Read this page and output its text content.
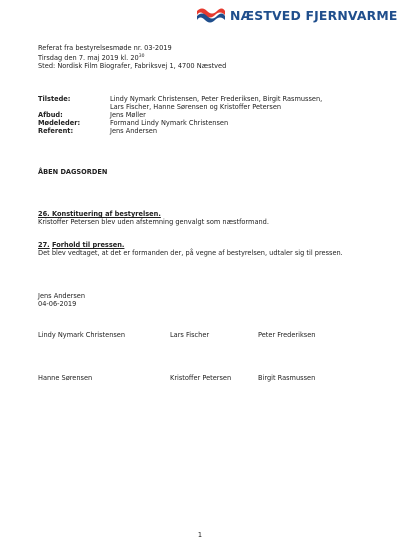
NÆSTVED FJERNVARME
Referat fra bestyrelsesmøde nr. 03-2019
Tirsdag den 7. maj 2019 kl. $20^{30}$
Sted: Nordisk Film Biografer, Fabriksvej 1, 4700 Næstved
Tilstede:	Lindy Nymark Christensen, Peter Frederiksen, Birgit Rasmussen,
Lars Fischer, Hanne Sørensen og Kristoffer Petersen
Afbud:	Jens Møller
Mødeleder:	Formand Lindy Nymark Christensen
Referent:	Jens Andersen
ÅBEN DAGSORDEN
26. Konstituering af bestyrelsen.
Kristoffer Petersen blev uden afstemning genvalgt som næstformand.
27. Forhold til pressen.
Det blev vedtaget, at det er formanden der, på vegne af bestyrelsen, udtaler sig til pressen.
Jens Andersen
04-06-2019
Lindy Nymark Christensen	Lars Fischer	Peter Frederiksen
Hanne Sørensen	Kristoffer Petersen	Birgit Rasmussen
1
